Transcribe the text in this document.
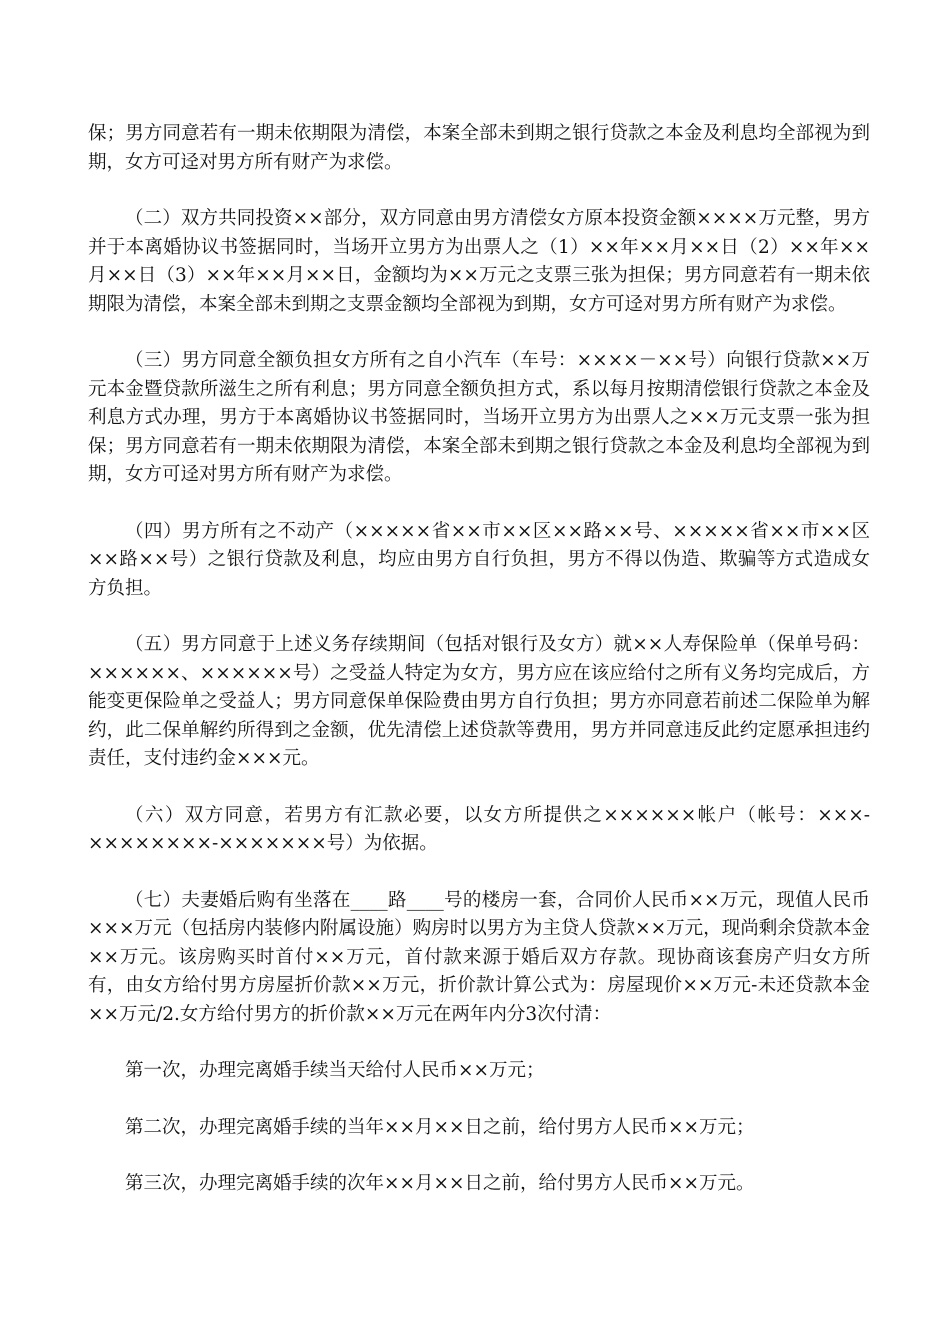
保；男方同意若有一期未依期限为清偿，本案全部未到期之银行贷款之本金及利息均全部视为到期，女方可迳对男方所有财产为求偿。

（二）双方共同投资××部分，双方同意由男方清偿女方原本投资金额××××万元整，男方并于本离婚协议书签据同时，当场开立男方为出票人之（1）××年××月××日（2）××年××月××日（3）××年××月××日，金额均为××万元之支票三张为担保；男方同意若有一期未依期限为清偿，本案全部未到期之支票金额均全部视为到期，女方可迳对男方所有财产为求偿。

（三）男方同意全额负担女方所有之自小汽车（车号：××××－××号）向银行贷款××万元本金暨贷款所滋生之所有利息；男方同意全额负担方式，系以每月按期清偿银行贷款之本金及利息方式办理，男方于本离婚协议书签据同时，当场开立男方为出票人之××万元支票一张为担保；男方同意若有一期未依期限为清偿，本案全部未到期之银行贷款之本金及利息均全部视为到期，女方可迳对男方所有财产为求偿。

（四）男方所有之不动产（×××××省××市××区××路××号、×××××省××市××区××路××号）之银行贷款及利息，均应由男方自行负担，男方不得以伪造、欺骗等方式造成女方负担。

（五）男方同意于上述义务存续期间（包括对银行及女方）就××人寿保险单（保单号码：××××××、××××××号）之受益人特定为女方，男方应在该应给付之所有义务均完成后，方能变更保险单之受益人；男方同意保单保险费由男方自行负担；男方亦同意若前述二保险单为解约，此二保单解约所得到之金额，优先清偿上述贷款等费用，男方并同意违反此约定愿承担违约责任，支付违约金×××元。

（六）双方同意，若男方有汇款必要，以女方所提供之××××××帐户（帐号：×××-××××××××-×××××××号）为依据。

（七）夫妻婚后购有坐落在____路____号的楼房一套，合同价人民币××万元，现值人民币×××万元（包括房内装修内附属设施）购房时以男方为主贷人贷款××万元，现尚剩余贷款本金××万元。该房购买时首付××万元，首付款来源于婚后双方存款。现协商该套房产归女方所有，由女方给付男方房屋折价款××万元，折价款计算公式为：房屋现价××万元-未还贷款本金××万元/2.女方给付男方的折价款××万元在两年内分3次付清：

第一次，办理完离婚手续当天给付人民币××万元；

第二次，办理完离婚手续的当年××月××日之前，给付男方人民币××万元；

第三次，办理完离婚手续的次年××月××日之前，给付男方人民币××万元。
